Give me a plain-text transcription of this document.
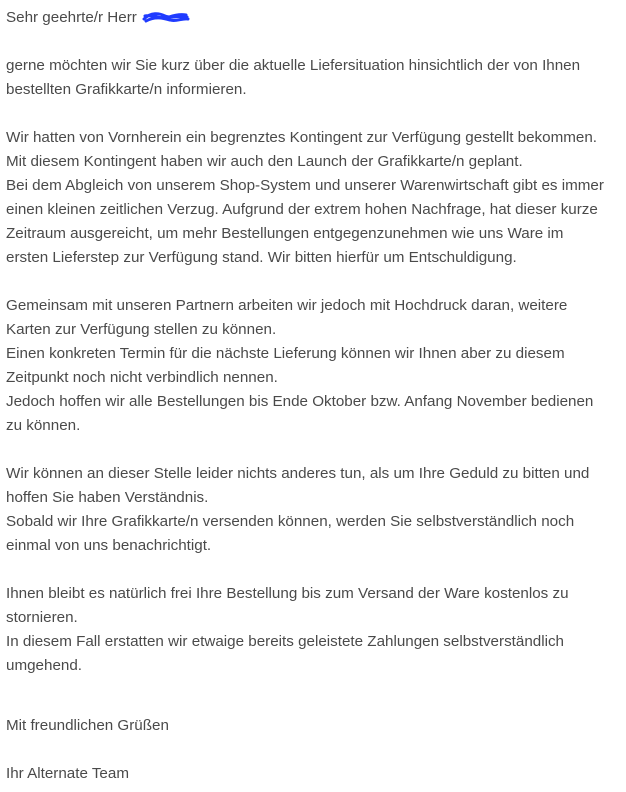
Sehr geehrte/r Herr
gerne möchten wir Sie kurz über die aktuelle Liefersituation hinsichtlich der von Ihnen
bestellten Grafikkarte/n informieren.
Wir hatten von Vornherein ein begrenztes Kontingent zur Verfügung gestellt bekommen.
Mit diesem Kontingent haben wir auch den Launch der Grafikkarte/n geplant.
Bei dem Abgleich von unserem Shop-System und unserer Warenwirtschaft gibt es immer
einen kleinen zeitlichen Verzug. Aufgrund der extrem hohen Nachfrage, hat dieser kurze
Zeitraum ausgereicht, um mehr Bestellungen entgegenzunehmen wie uns Ware im
ersten Lieferstep zur Verfügung stand. Wir bitten hierfür um Entschuldigung.
Gemeinsam mit unseren Partnern arbeiten wir jedoch mit Hochdruck daran, weitere
Karten zur Verfügung stellen zu können.
Einen konkreten Termin für die nächste Lieferung können wir Ihnen aber zu diesem
Zeitpunkt noch nicht verbindlich nennen.
Jedoch hoffen wir alle Bestellungen bis Ende Oktober bzw. Anfang November bedienen
zu können.
Wir können an dieser Stelle leider nichts anderes tun, als um Ihre Geduld zu bitten und
hoffen Sie haben Verständnis.
Sobald wir Ihre Grafikkarte/n versenden können, werden Sie selbstverständlich noch
einmal von uns benachrichtigt.
Ihnen bleibt es natürlich frei Ihre Bestellung bis zum Versand der Ware kostenlos zu
stornieren.
In diesem Fall erstatten wir etwaige bereits geleistete Zahlungen selbstverständlich
umgehend.
Mit freundlichen Grüßen
Ihr Alternate Team
